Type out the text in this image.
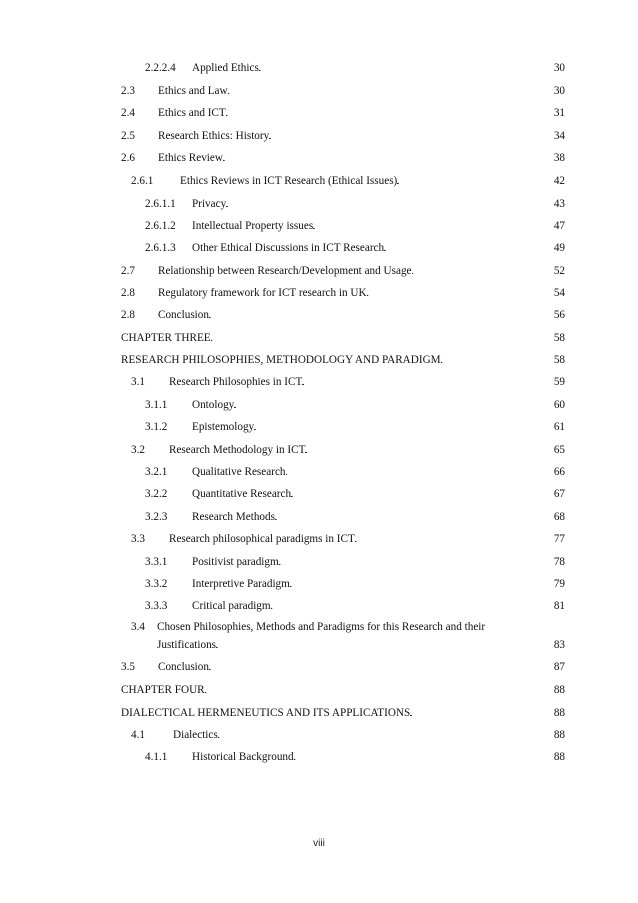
2.2.2.4	Applied Ethics . . .	30
2.3	Ethics and Law . . .	30
2.4	Ethics and ICT . . .	31
2.5	Research Ethics: History . . .	34
2.6	Ethics Review . . .	38
2.6.1	Ethics Reviews in ICT Research (Ethical Issues) . . .	42
2.6.1.1	Privacy . . .	43
2.6.1.2	Intellectual Property issues . . .	47
2.6.1.3	Other Ethical Discussions in ICT Research . . .	49
2.7	Relationship between Research/Development and Usage . . .	52
2.8	Regulatory framework for ICT research in UK . . .	54
2.8	Conclusion . . .	56
CHAPTER THREE . . .	58
RESEARCH PHILOSOPHIES, METHODOLOGY AND PARADIGM . . .	58
3.1	Research Philosophies in ICT . . .	59
3.1.1	Ontology . . .	60
3.1.2	Epistemology . . .	61
3.2	Research Methodology in ICT . . .	65
3.2.1	Qualitative Research . . .	66
3.2.2	Quantitative Research . . .	67
3.2.3	Research Methods . . .	68
3.3	Research philosophical paradigms in ICT . . .	77
3.3.1	Positivist paradigm . . .	78
3.3.2	Interpretive Paradigm . . .	79
3.3.3	Critical paradigm . . .	81
3.4 Chosen Philosophies, Methods and Paradigms for this Research and their
Justifications . . .	83
3.5	Conclusion . . .	87
CHAPTER FOUR . . .	88
DIALECTICAL HERMENEUTICS AND ITS APPLICATIONS . . .	88
4.1	Dialectics . . .	88
4.1.1	Historical Background . . .	88
viii
